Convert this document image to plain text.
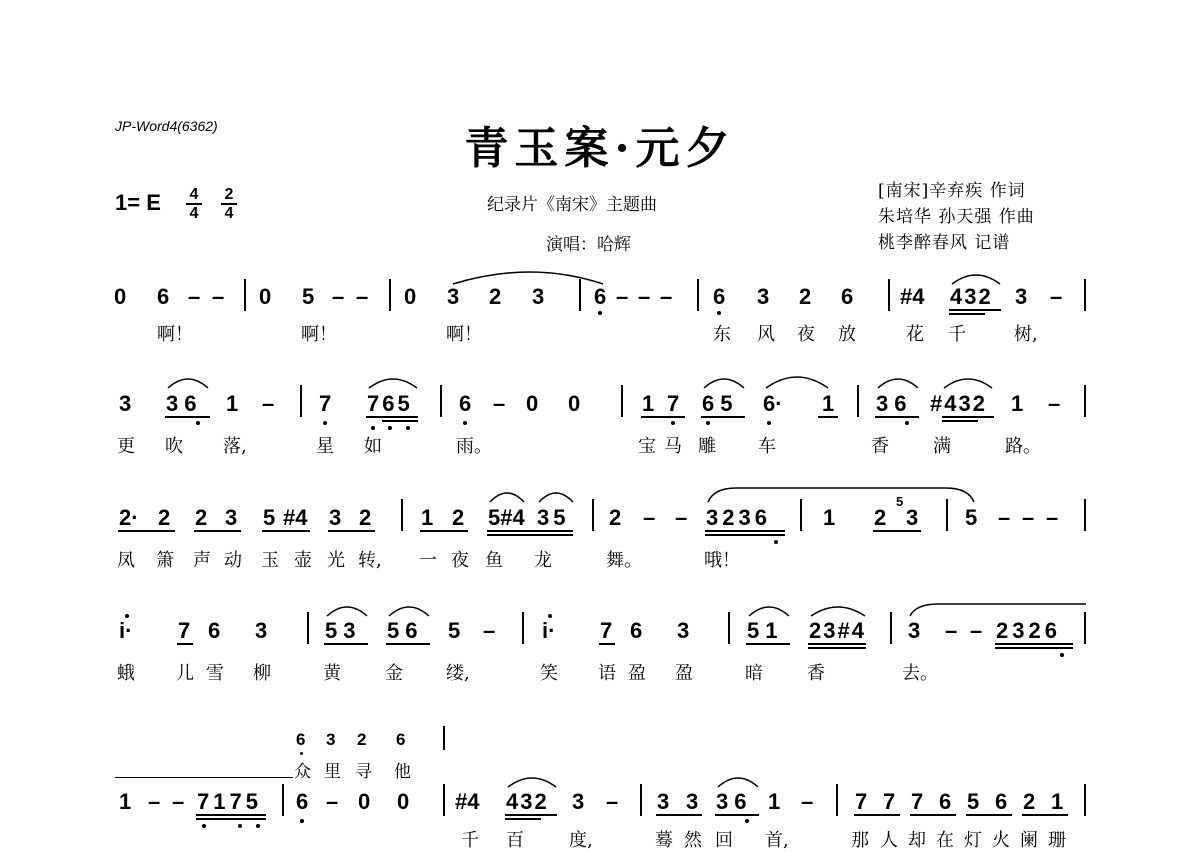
JP-Word4(6362)	青玉案·元夕
1= E 4
4
2
4	纪录片《南宋》主题曲
演唱：哈辉
[南宋]辛弃疾 作词
朱培华 孙天强 作曲
桃李醉春风 记谱
0 6 – – 0 5 – – 0 3 2 3 6 – – – 6 3 2 6 #4 432 3 –
啊！	啊！	啊！	东 风 夜 放	花 千	树,
3 36 1 – 7 765 6 – 0 0	1 7 65 6· 1 36 #432 1 –
更 吹 落,	星 如	雨。	宝 马 雕 车	香 满	路。
2· 2 2 3 5 #4 3 2 1 2 5#4 35 2 – – 3236 1 2
5
3 5 – – –
凤 箫 声 动 玉 壶 光 转, 一 夜 鱼 龙	舞。	哦！
i· 7 6 3	53 56 5 – i· 7 6 3	51 23#4 3 – – 2326
蛾 儿 雪 柳	黄 金 缕,	笑 语 盈 盈	暗 香	去。
6 3 2 6
众 里 寻 他
1 – – 7175 6 – 0 0 #4 432 3 – 3 3 36 1 – 7 7 7 6 5 6 2 1
千 百	度,	蓦 然 回 首,	那 人 却 在 灯 火 阑 珊
